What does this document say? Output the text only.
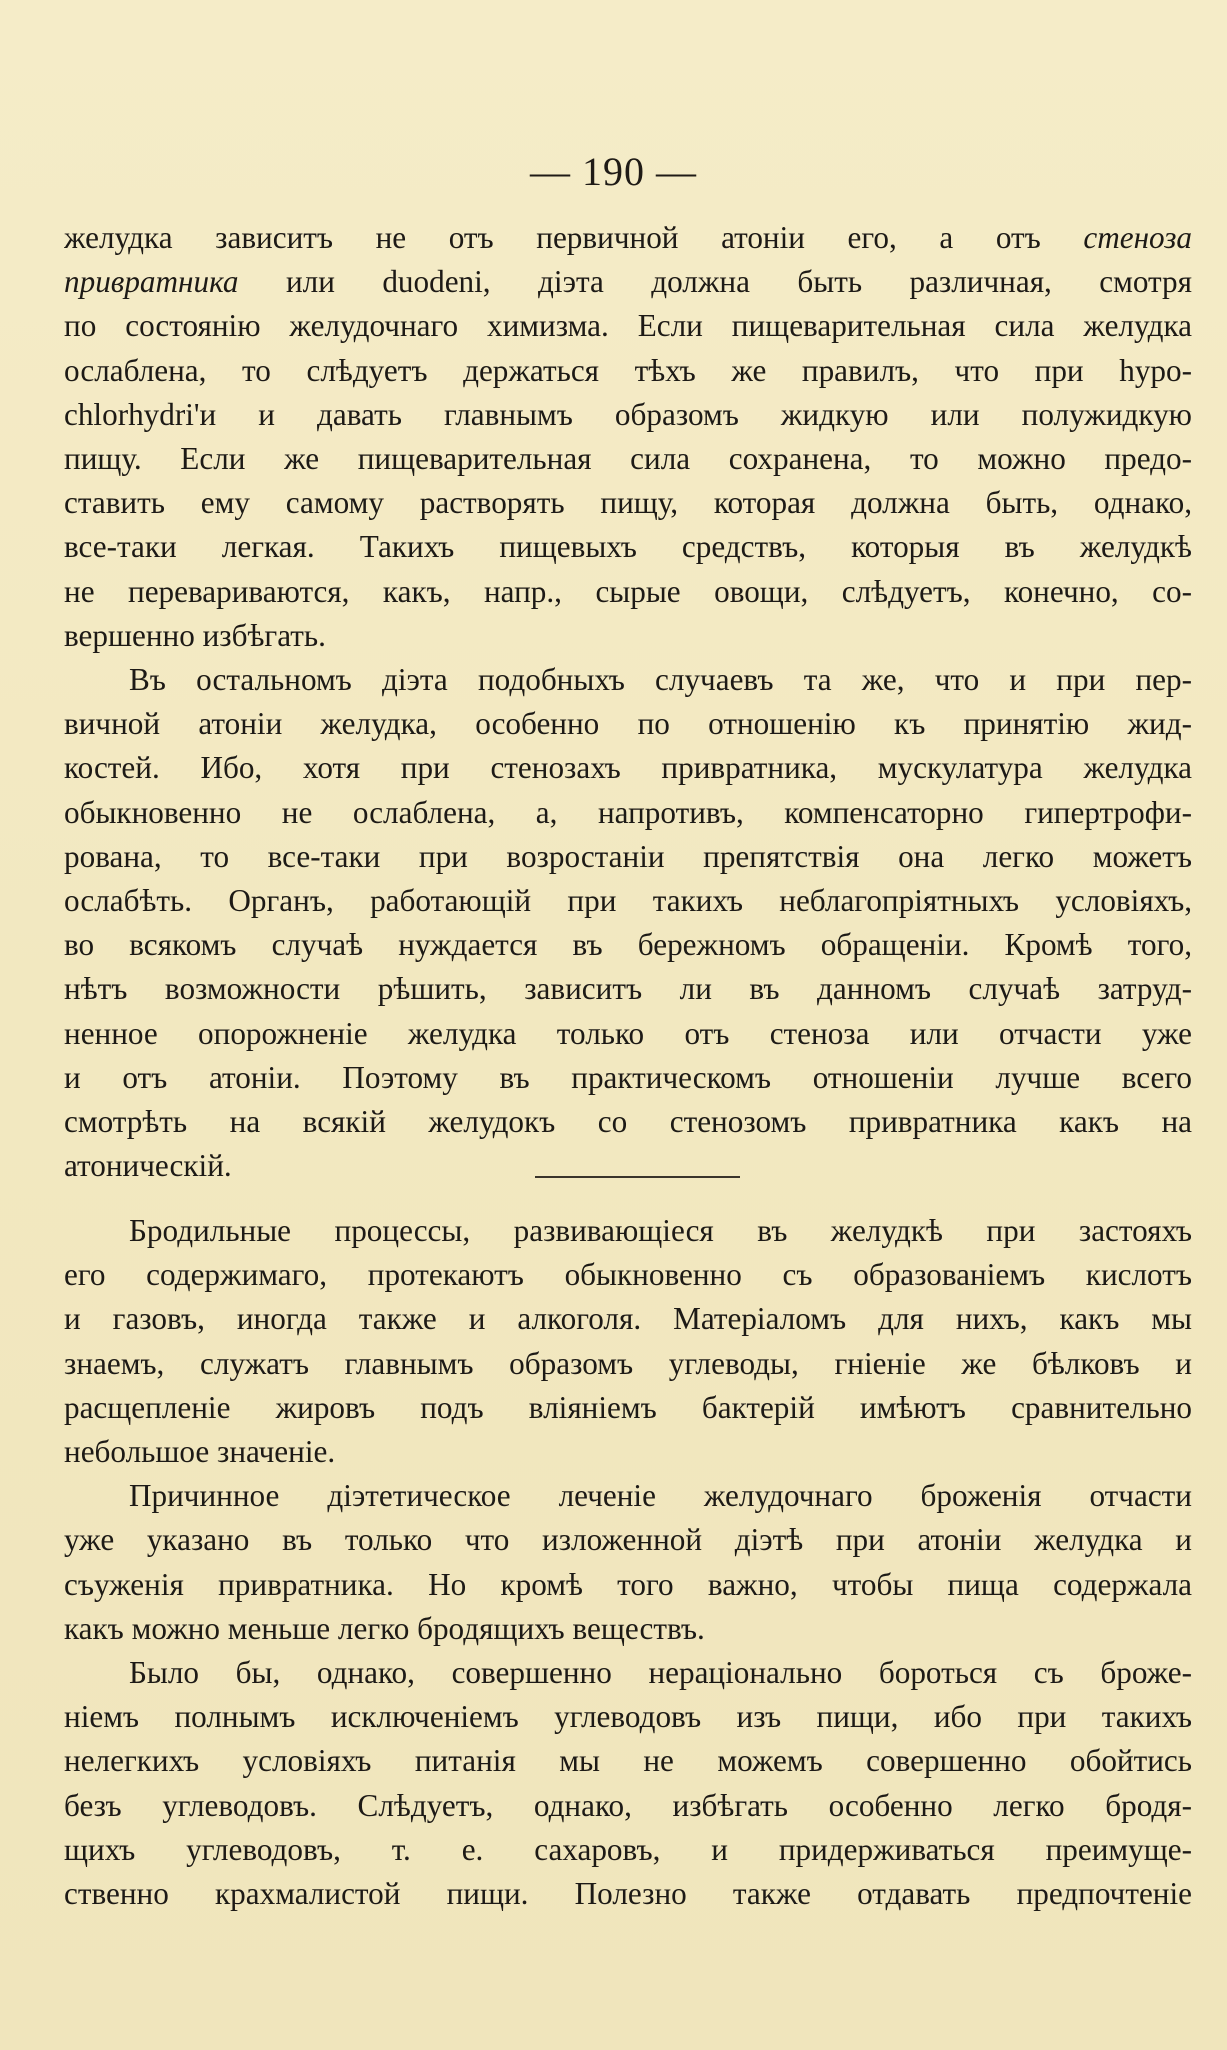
— 190 —
желудка зависитъ не отъ первичной атоніи его, а отъ стеноза
привратника или duodeni, діэта должна быть различная, смотря
по состоянію желудочнаго химизма. Если пищеварительная сила желудка
ослаблена, то слѣдуетъ держаться тѣхъ же правилъ, что при hypo-
chlorhydri'и и давать главнымъ образомъ жидкую или полужидкую
пищу. Если же пищеварительная сила сохранена, то можно предо-
ставить ему самому растворять пищу, которая должна быть, однако,
все-таки легкая. Такихъ пищевыхъ средствъ, которыя въ желудкѣ
не перевариваются, какъ, напр., сырые овощи, слѣдуетъ, конечно, со-
вершенно избѣгать.
Въ остальномъ діэта подобныхъ случаевъ та же, что и при пер-
вичной атоніи желудка, особенно по отношенію къ принятію жид-
костей. Ибо, хотя при стенозахъ привратника, мускулатура желудка
обыкновенно не ослаблена, а, напротивъ, компенсаторно гипертрофи-
рована, то все-таки при возростаніи препятствія она легко можетъ
ослабѣть. Органъ, работающій при такихъ неблагопріятныхъ условіяхъ,
во всякомъ случаѣ нуждается въ бережномъ обращеніи. Кромѣ того,
нѣтъ возможности рѣшить, зависитъ ли въ данномъ случаѣ затруд-
ненное опорожненіе желудка только отъ стеноза или отчасти уже
и отъ атоніи. Поэтому въ практическомъ отношеніи лучше всего
смотрѣть на всякій желудокъ со стенозомъ привратника какъ на
атоническій.
Бродильные процессы, развивающіеся въ желудкѣ при застояхъ
его содержимаго, протекаютъ обыкновенно съ образованіемъ кислотъ
и газовъ, иногда также и алкоголя. Матеріаломъ для нихъ, какъ мы
знаемъ, служатъ главнымъ образомъ углеводы, гніеніе же бѣлковъ и
расщепленіе жировъ подъ вліяніемъ бактерій имѣютъ сравнительно
небольшое значеніе.
Причинное діэтетическое леченіе желудочнаго броженія отчасти
уже указано въ только что изложенной діэтѣ при атоніи желудка и
съуженія привратника. Но кромѣ того важно, чтобы пища содержала
какъ можно меньше легко бродящихъ веществъ.
Было бы, однако, совершенно нераціонально бороться съ броже-
ніемъ полнымъ исключеніемъ углеводовъ изъ пищи, ибо при такихъ
нелегкихъ условіяхъ питанія мы не можемъ совершенно обойтись
безъ углеводовъ. Слѣдуетъ, однако, избѣгать особенно легко бродя-
щихъ углеводовъ, т. е. сахаровъ, и придерживаться преимуще-
ственно крахмалистой пищи. Полезно также отдавать предпочтеніе
